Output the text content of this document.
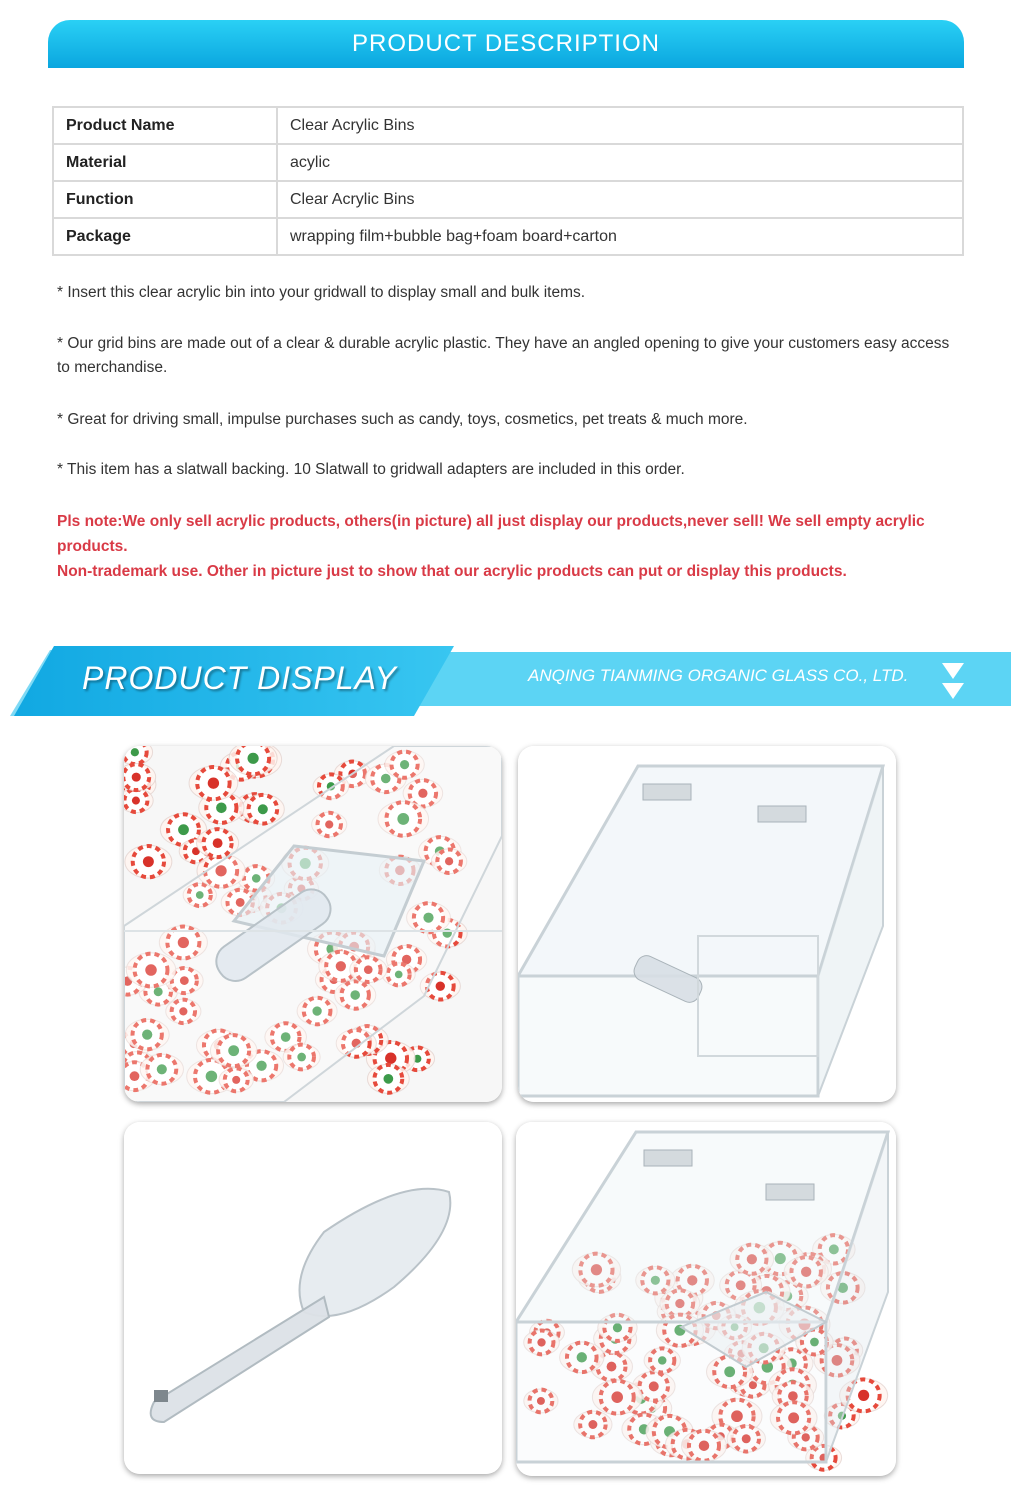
PRODUCT DESCRIPTION
Product Name	Clear Acrylic Bins
Material	acylic
Function	Clear Acrylic Bins
Package	wrapping film+bubble bag+foam board+carton
* Insert this clear acrylic bin into your gridwall to display small and bulk items.
* Our grid bins are made out of a clear & durable acrylic plastic. They have an angled opening to give your customers easy access to merchandise.
* Great for driving small, impulse purchases such as candy, toys, cosmetics, pet treats & much more.
* This item has a slatwall backing. 10 Slatwall to gridwall adapters are included in this order.
Pls note:We only sell acrylic products, others(in picture) all just display our products,never sell! We sell empty acrylic products.
Non-trademark use. Other in picture just to show that our acrylic products can put or display this products.
PRODUCT DISPLAY	ANQING TIANMING ORGANIC GLASS CO., LTD.
